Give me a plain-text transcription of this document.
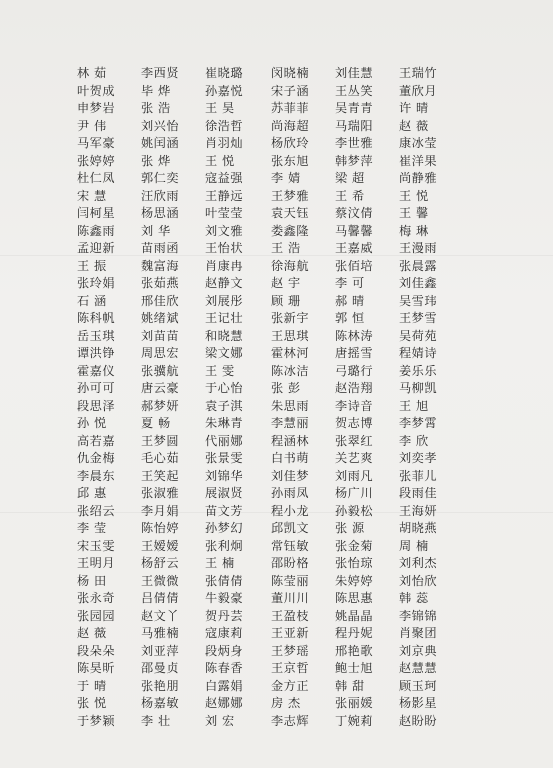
林 茹	李西贤	崔晓璐	闵晓楠	刘佳慧	王瑞竹
叶贺成	毕 烨	孙嘉悦	宋子涵	王丛笑	董欣月
申梦岩	张 浩	王 昊	苏菲菲	吴青青	许 晴
尹 伟	刘兴怡	徐浩哲	尚海超	马瑞阳	赵 薇
马军豪	姚闰涵	肖羽灿	杨欣玲	李世雅	康冰莹
张婷婷	张 烨	王 悦	张东旭	韩梦萍	崔洋果
杜仁凤	郭仁奕	寇益强	李 婧	梁 超	尚静雅
宋 慧	汪欣雨	王静远	王梦雅	王 希	王 悦
闫柯星	杨思涵	叶莹莹	袁天钰	蔡汶倩	王 馨
陈鑫雨	刘 华	刘文雅	娄鑫隆	马馨馨	梅 琳
孟迎新	苗雨函	王怡状	王 浩	王嘉威	王漫雨
王 振	魏富海	肖康冉	徐海航	张佰培	张晨露
张玲娟	张茹燕	赵静文	赵 宇	李 可	刘佳鑫
石 涵	邢佳欣	刘展彤	顾 珊	郝 晴	吴雪玮
陈科帆	姚绪斌	王记壮	张新宇	郭 恒	王梦雪
岳玉琪	刘苗苗	和晓慧	王思琪	陈林涛	吴荷苑
谭洪铮	周思宏	梁文娜	霍林河	唐摇雪	程婧诗
霍嘉仪	张骥航	王 雯	陈冰洁	弓璐行	姜乐乐
孙可可	唐云豪	于心怡	张 彭	赵浩翔	马柳凯
段思泽	郝梦妍	袁子淇	朱思雨	李诗音	王 旭
孙 悦	夏 畅	朱琳青	李慧丽	贺志博	李梦霄
高若嘉	王梦圆	代丽娜	程涵林	张翠红	李 欣
仇金梅	毛心茹	张景雯	白书萌	关艺爽	刘奕孝
李晨东	王笑起	刘锦华	刘佳梦	刘雨凡	张菲儿
邱 惠	张淑雅	展淑贤	孙雨凤	杨广川	段雨佳
张绍云	李月娟	苗文芳	程小龙	孙毅松	王海妍
李 莹	陈怡婷	孙梦幻	邱凯文	张 源	胡晓燕
宋玉雯	王嫒嫒	张利炯	常钰敏	张金菊	周 楠
王明月	杨舒云	王 楠	邵盼格	张怡琼	刘利杰
杨 田	王微微	张倩倩	陈莹丽	朱婷婷	刘怡欣
张永奇	吕倩倩	牛毅豪	董川川	陈思惠	韩 蕊
张园园	赵文丫	贺丹芸	王盈枝	姚晶晶	李锦锦
赵 薇	马雅楠	寇康莉	王亚新	程丹妮	肖聚团
段朵朵	刘亚萍	段炳身	王梦瑶	邢艳歌	刘京典
陈昊昕	邵曼贞	陈春香	王京哲	鲍士旭	赵慧慧
于 晴	张艳朋	白露娟	金方正	韩 甜	顾玉珂
张 悦	杨嘉敏	赵娜娜	房 杰	张丽媛	杨影星
于梦颖	李 壮	刘 宏	李志辉	丁婉莉	赵盼盼
